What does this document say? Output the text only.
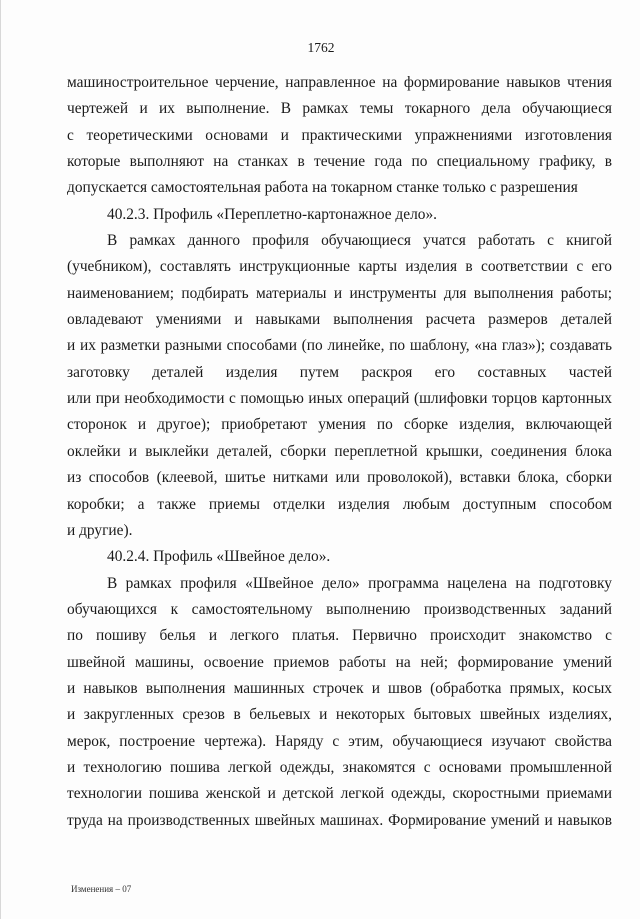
1762
машиностроительное черчение, направленное на формирование навыков чтения
чертежей и их выполнение. В рамках темы токарного дела обучающиеся
с теоретическими основами и практическими упражнениями изготовления
которые выполняют на станках в течение года по специальному графику, в
допускается самостоятельная работа на токарном станке только с разрешения
40.2.3. Профиль «Переплетно-картонажное дело».
В рамках данного профиля обучающиеся учатся работать с книгой
(учебником), составлять инструкционные карты изделия в соответствии с его
наименованием; подбирать материалы и инструменты для выполнения работы;
овладевают умениями и навыками выполнения расчета размеров деталей
и их разметки разными способами (по линейке, по шаблону, «на глаз»); создавать
заготовку деталей изделия путем раскроя его составных частей
или при необходимости с помощью иных операций (шлифовки торцов картонных
сторонок и другое); приобретают умения по сборке изделия, включающей
оклейки и выклейки деталей, сборки переплетной крышки, соединения блока
из способов (клеевой, шитье нитками или проволокой), вставки блока, сборки
коробки; а также приемы отделки изделия любым доступным способом
и другие).
40.2.4. Профиль «Швейное дело».
В рамках профиля «Швейное дело» программа нацелена на подготовку
обучающихся к самостоятельному выполнению производственных заданий
по пошиву белья и легкого платья. Первично происходит знакомство с
швейной машины, освоение приемов работы на ней; формирование умений
и навыков выполнения машинных строчек и швов (обработка прямых, косых
и закругленных срезов в бельевых и некоторых бытовых швейных изделиях,
мерок, построение чертежа). Наряду с этим, обучающиеся изучают свойства
и технологию пошива легкой одежды, знакомятся с основами промышленной
технологии пошива женской и детской легкой одежды, скоростными приемами
труда на производственных швейных машинах. Формирование умений и навыков
Изменения – 07
